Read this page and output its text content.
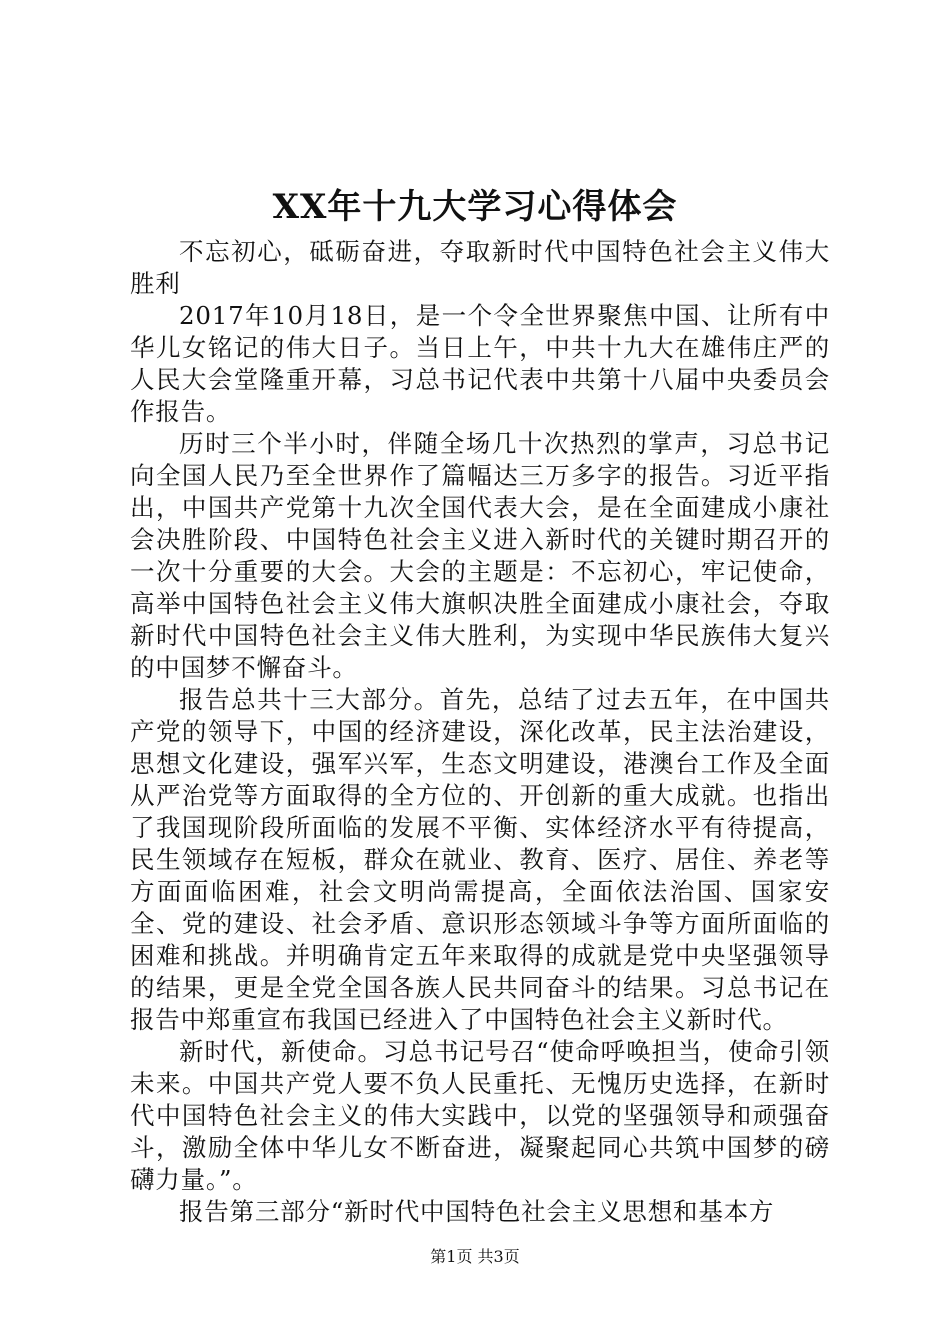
XX年十九大学习心得体会

不忘初心，砥砺奋进，夺取新时代中国特色社会主义伟大胜利

2017年10月18日，是一个令全世界聚焦中国、让所有中华儿女铭记的伟大日子。当日上午，中共十九大在雄伟庄严的人民大会堂隆重开幕，习总书记代表中共第十八届中央委员会作报告。

历时三个半小时，伴随全场几十次热烈的掌声，习总书记向全国人民乃至全世界作了篇幅达三万多字的报告。习近平指出，中国共产党第十九次全国代表大会，是在全面建成小康社会决胜阶段、中国特色社会主义进入新时代的关键时期召开的一次十分重要的大会。大会的主题是：不忘初心，牢记使命，高举中国特色社会主义伟大旗帜决胜全面建成小康社会，夺取新时代中国特色社会主义伟大胜利，为实现中华民族伟大复兴的中国梦不懈奋斗。

报告总共十三大部分。首先，总结了过去五年，在中国共产党的领导下，中国的经济建设，深化改革，民主法治建设，思想文化建设，强军兴军，生态文明建设，港澳台工作及全面从严治党等方面取得的全方位的、开创新的重大成就。也指出了我国现阶段所面临的发展不平衡、实体经济水平有待提高，民生领域存在短板，群众在就业、教育、医疗、居住、养老等方面面临困难，社会文明尚需提高，全面依法治国、国家安全、党的建设、社会矛盾、意识形态领域斗争等方面所面临的困难和挑战。并明确肯定五年来取得的成就是党中央坚强领导的结果，更是全党全国各族人民共同奋斗的结果。习总书记在报告中郑重宣布我国已经进入了中国特色社会主义新时代。

新时代，新使命。习总书记号召“使命呼唤担当，使命引领未来。中国共产党人要不负人民重托、无愧历史选择，在新时代中国特色社会主义的伟大实践中，以党的坚强领导和顽强奋斗，激励全体中华儿女不断奋进，凝聚起同心共筑中国梦的磅礴力量。”。

报告第三部分“新时代中国特色社会主义思想和基本方

第1页 共3页
